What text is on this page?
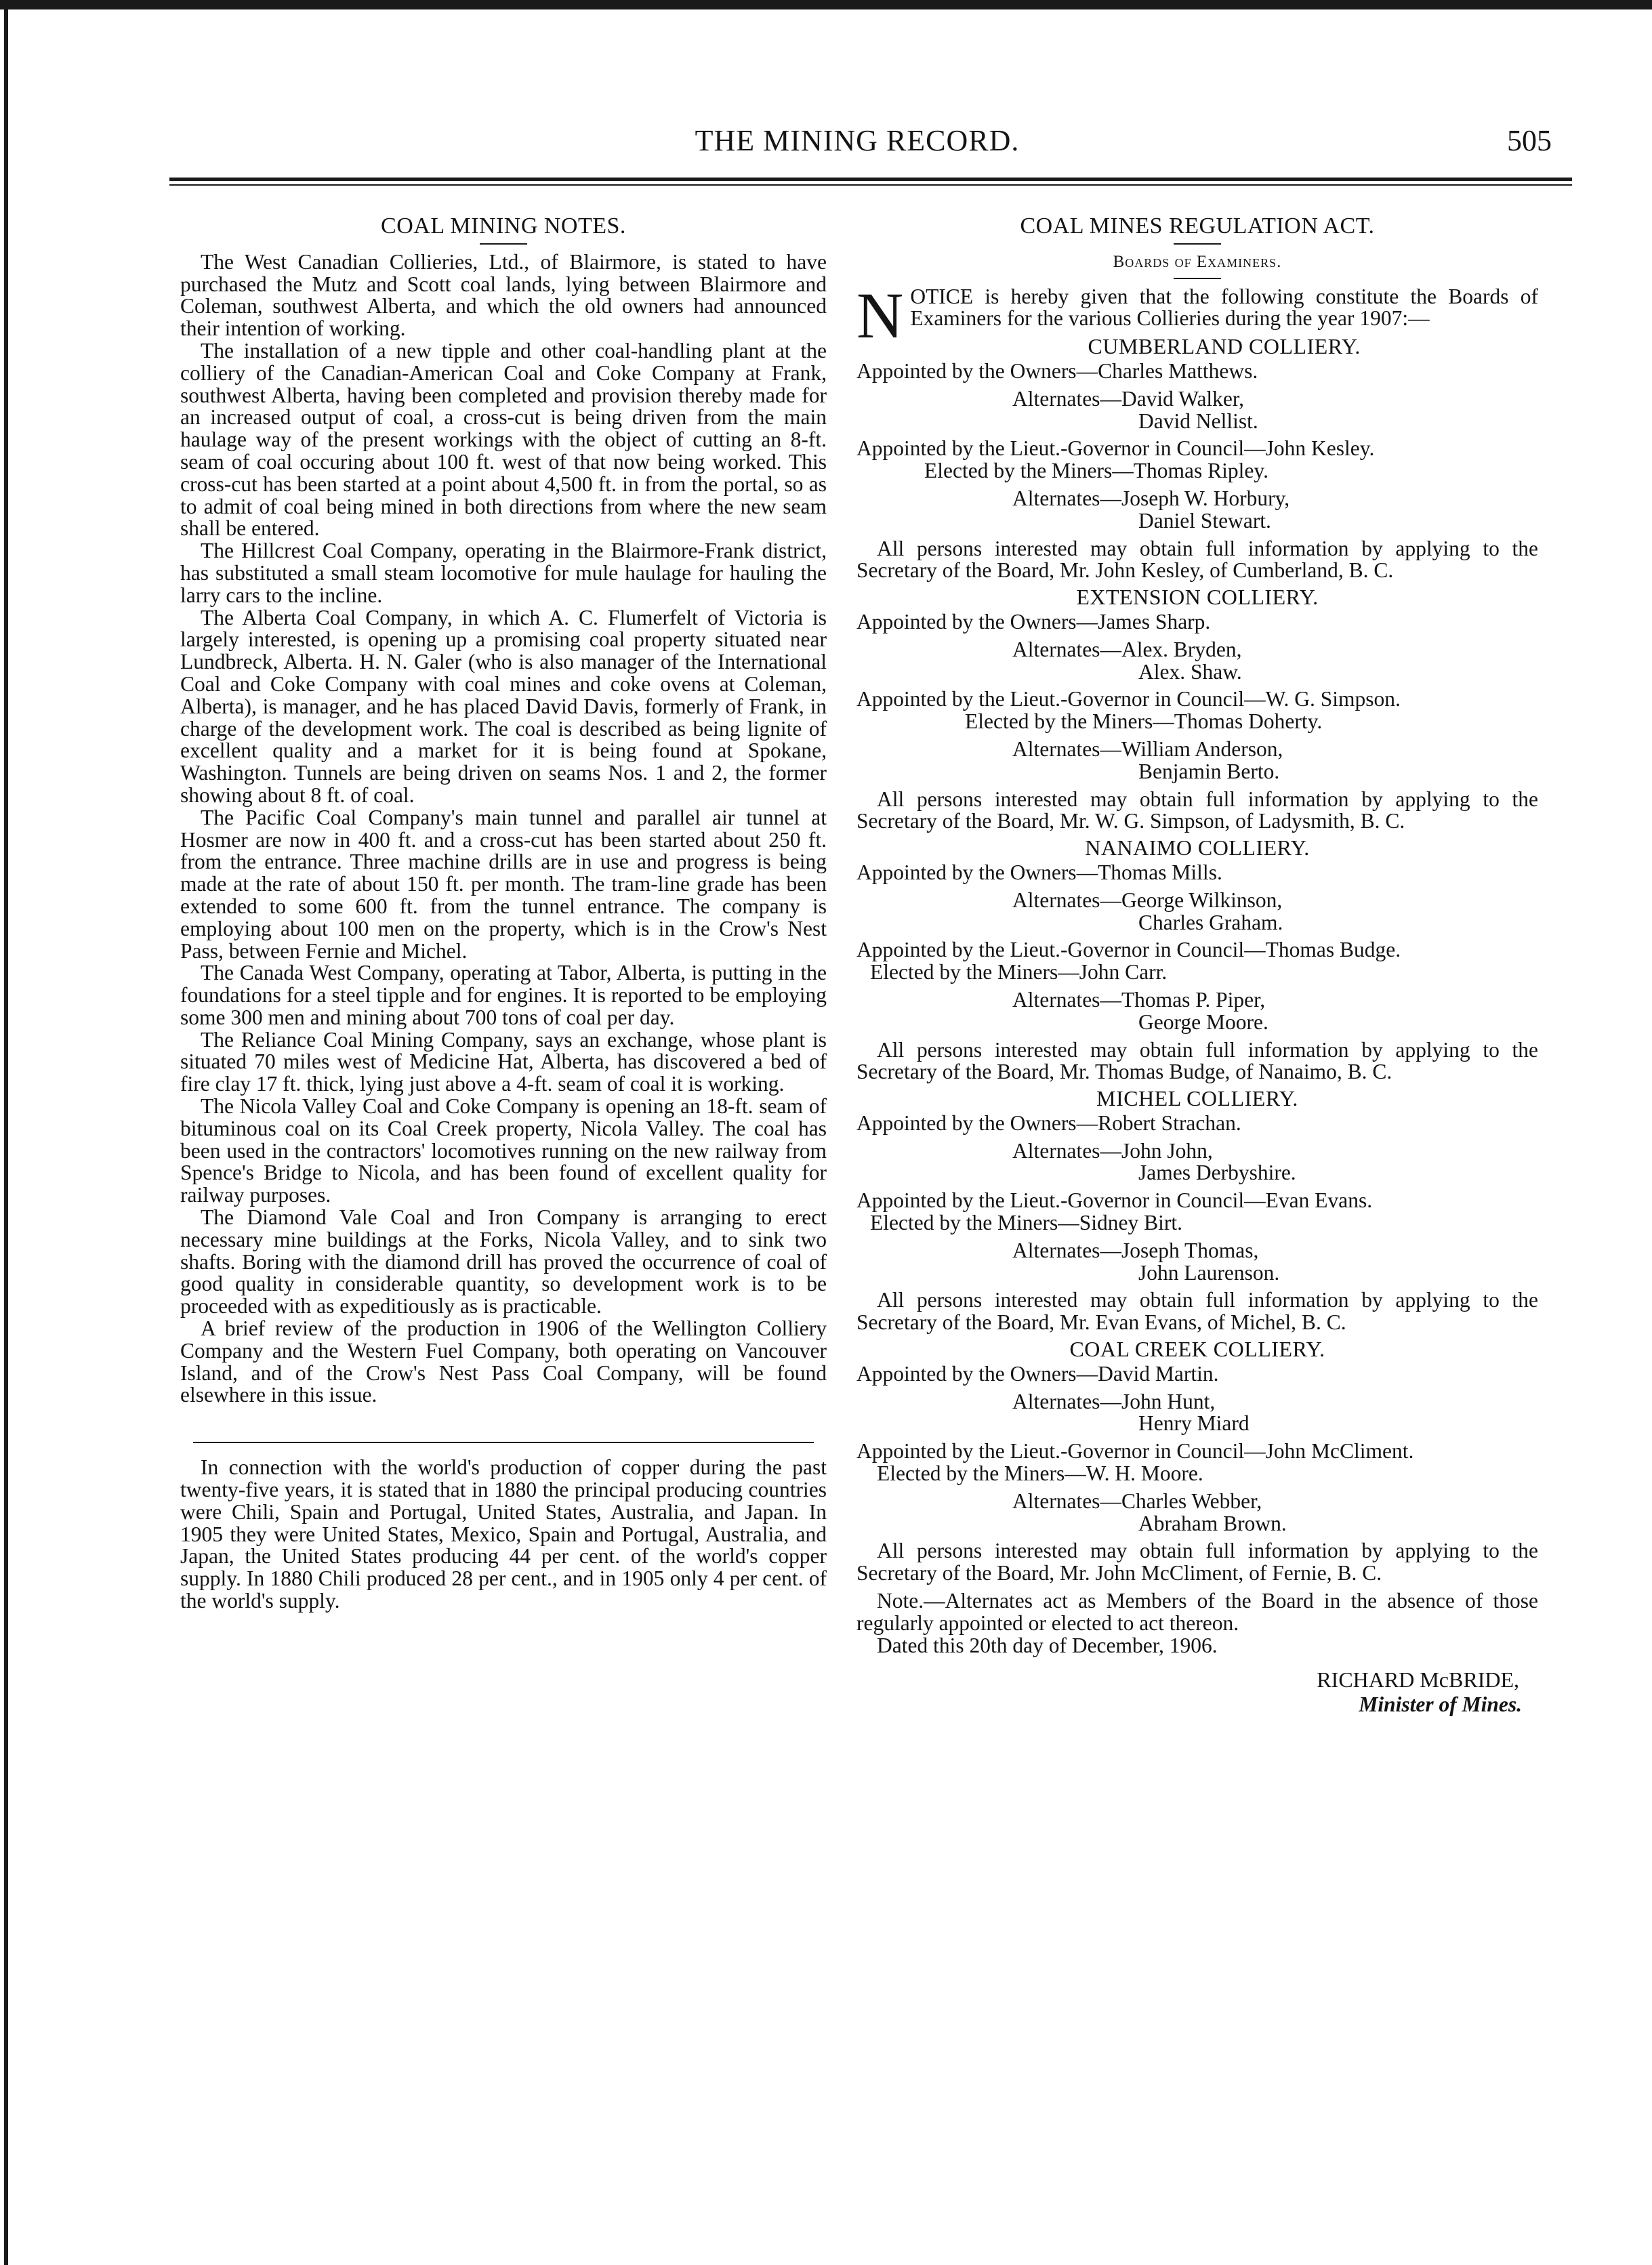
THE MINING RECORD.	505
COAL MINING NOTES.

The West Canadian Collieries, Ltd., of Blairmore, is stated to have purchased the Mutz and Scott coal lands, lying between Blairmore and Coleman, southwest Alberta, and which the old owners had announced their intention of working.

The installation of a new tipple and other coal-handling plant at the colliery of the Canadian-American Coal and Coke Company at Frank, southwest Alberta, having been completed and provision thereby made for an increased output of coal, a cross-cut is being driven from the main haulage way of the present workings with the object of cutting an 8-ft. seam of coal occuring about 100 ft. west of that now being worked. This cross-cut has been started at a point about 4,500 ft. in from the portal, so as to admit of coal being mined in both directions from where the new seam shall be entered.

The Hillcrest Coal Company, operating in the Blairmore-Frank district, has substituted a small steam locomotive for mule haulage for hauling the larry cars to the incline.

The Alberta Coal Company, in which A. C. Flumerfelt of Victoria is largely interested, is opening up a promising coal property situated near Lundbreck, Alberta. H. N. Galer (who is also manager of the International Coal and Coke Company with coal mines and coke ovens at Coleman, Alberta), is manager, and he has placed David Davis, formerly of Frank, in charge of the development work. The coal is described as being lignite of excellent quality and a market for it is being found at Spokane, Washington. Tunnels are being driven on seams Nos. 1 and 2, the former showing about 8 ft. of coal.

The Pacific Coal Company's main tunnel and parallel air tunnel at Hosmer are now in 400 ft. and a cross-cut has been started about 250 ft. from the entrance. Three machine drills are in use and progress is being made at the rate of about 150 ft. per month. The tram-line grade has been extended to some 600 ft. from the tunnel entrance. The company is employing about 100 men on the property, which is in the Crow's Nest Pass, between Fernie and Michel.

The Canada West Company, operating at Tabor, Alberta, is putting in the foundations for a steel tipple and for engines. It is reported to be employing some 300 men and mining about 700 tons of coal per day.

The Reliance Coal Mining Company, says an exchange, whose plant is situated 70 miles west of Medicine Hat, Alberta, has discovered a bed of fire clay 17 ft. thick, lying just above a 4-ft. seam of coal it is working.

The Nicola Valley Coal and Coke Company is opening an 18-ft. seam of bituminous coal on its Coal Creek property, Nicola Valley. The coal has been used in the contractors' locomotives running on the new railway from Spence's Bridge to Nicola, and has been found of excellent quality for railway purposes.

The Diamond Vale Coal and Iron Company is arranging to erect necessary mine buildings at the Forks, Nicola Valley, and to sink two shafts. Boring with the diamond drill has proved the occurrence of coal of good quality in considerable quantity, so development work is to be proceeded with as expeditiously as is practicable.

A brief review of the production in 1906 of the Wellington Colliery Company and the Western Fuel Company, both operating on Vancouver Island, and of the Crow's Nest Pass Coal Company, will be found elsewhere in this issue.

In connection with the world's production of copper during the past twenty-five years, it is stated that in 1880 the principal producing countries were Chili, Spain and Portugal, United States, Australia, and Japan. In 1905 they were United States, Mexico, Spain and Portugal, Australia, and Japan, the United States producing 44 per cent. of the world's copper supply. In 1880 Chili produced 28 per cent., and in 1905 only 4 per cent. of the world's supply.

COAL MINES REGULATION ACT.
Boards of Examiners.

NOTICE is hereby given that the following constitute the Boards of Examiners for the various Collieries during the year 1907:—

CUMBERLAND COLLIERY.

Appointed by the Owners—Charles Matthews.

Alternates—David Walker,
David Nellist.

Appointed by the Lieut.-Governor in Council—John Kesley.

Elected by the Miners—Thomas Ripley.

Alternates—Joseph W. Horbury,
Daniel Stewart.

All persons interested may obtain full information by applying to the Secretary of the Board, Mr. John Kesley, of Cumberland, B. C.

EXTENSION COLLIERY.

Appointed by the Owners—James Sharp.

Alternates—Alex. Bryden,
Alex. Shaw.

Appointed by the Lieut.-Governor in Council—W. G. Simpson.

Elected by the Miners—Thomas Doherty.

Alternates—William Anderson,
Benjamin Berto.

All persons interested may obtain full information by applying to the Secretary of the Board, Mr. W. G. Simpson, of Ladysmith, B. C.

NANAIMO COLLIERY.

Appointed by the Owners—Thomas Mills.

Alternates—George Wilkinson,
Charles Graham.

Appointed by the Lieut.-Governor in Council—Thomas Budge.

Elected by the Miners—John Carr.

Alternates—Thomas P. Piper,
George Moore.

All persons interested may obtain full information by applying to the Secretary of the Board, Mr. Thomas Budge, of Nanaimo, B. C.

MICHEL COLLIERY.

Appointed by the Owners—Robert Strachan.

Alternates—John John,
James Derbyshire.

Appointed by the Lieut.-Governor in Council—Evan Evans.

Elected by the Miners—Sidney Birt.

Alternates—Joseph Thomas,
John Laurenson.

All persons interested may obtain full information by applying to the Secretary of the Board, Mr. Evan Evans, of Michel, B. C.

COAL CREEK COLLIERY.

Appointed by the Owners—David Martin.

Alternates—John Hunt,
Henry Miard

Appointed by the Lieut.-Governor in Council—John McCliment.

Elected by the Miners—W. H. Moore.

Alternates—Charles Webber,
Abraham Brown.

All persons interested may obtain full information by applying to the Secretary of the Board, Mr. John McCliment, of Fernie, B. C.

Note.—Alternates act as Members of the Board in the absence of those regularly appointed or elected to act thereon.

Dated this 20th day of December, 1906.

RICHARD McBRIDE,
Minister of Mines.
